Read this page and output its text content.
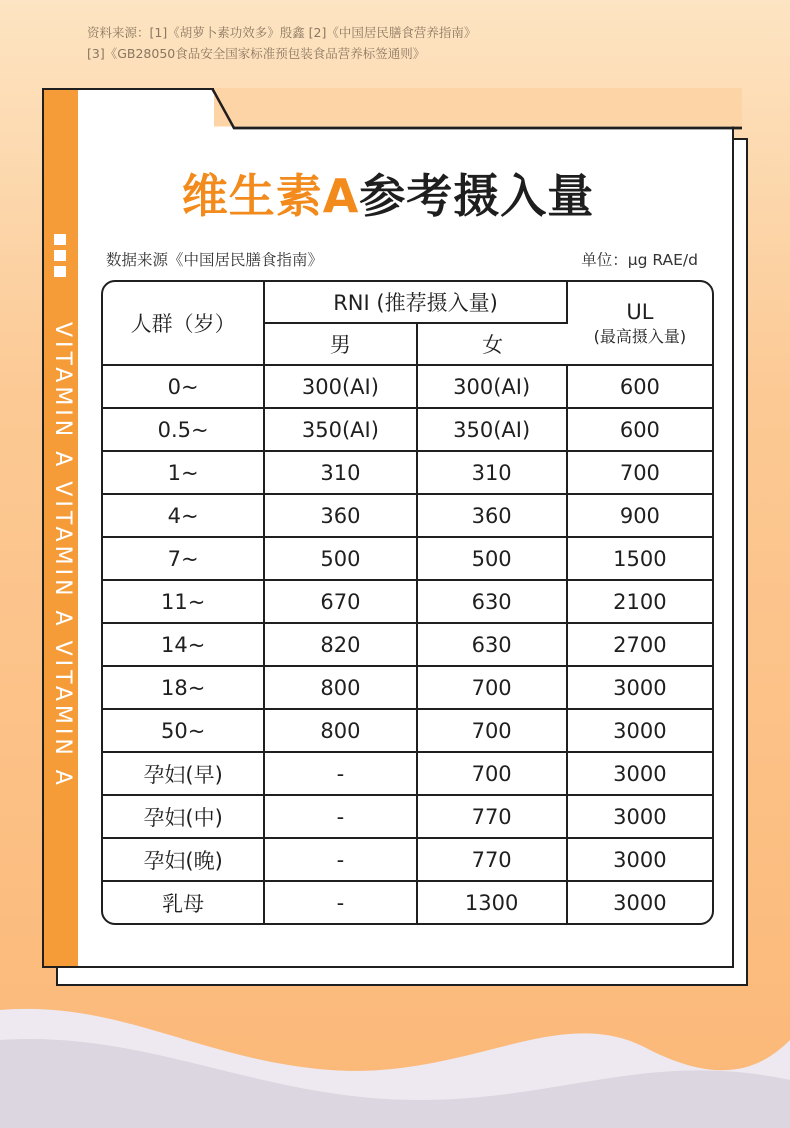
资料来源：[1]《胡萝卜素功效多》殷鑫 [2]《中国居民膳食营养指南》
[3]《GB28050食品安全国家标准预包装食品营养标签通则》
VITAMIN A VITAMIN A VITAMIN A
维生素A参考摄入量
数据来源《中国居民膳食指南》	单位：μg RAE/d
人群（岁）	RNI (推荐摄入量)		UL
(最高摄入量)

	男	女	
0~	300(AI)	300(AI)	600
0.5~	350(AI)	350(AI)	600
1~	310	310	700
4~	360	360	900
7~	500	500	1500
11~	670	630	2100
14~	820	630	2700
18~	800	700	3000
50~	800	700	3000
孕妇(早)	-	700	3000
孕妇(中)	-	770	3000
孕妇(晚)	-	770	3000
乳母	-	1300	3000
